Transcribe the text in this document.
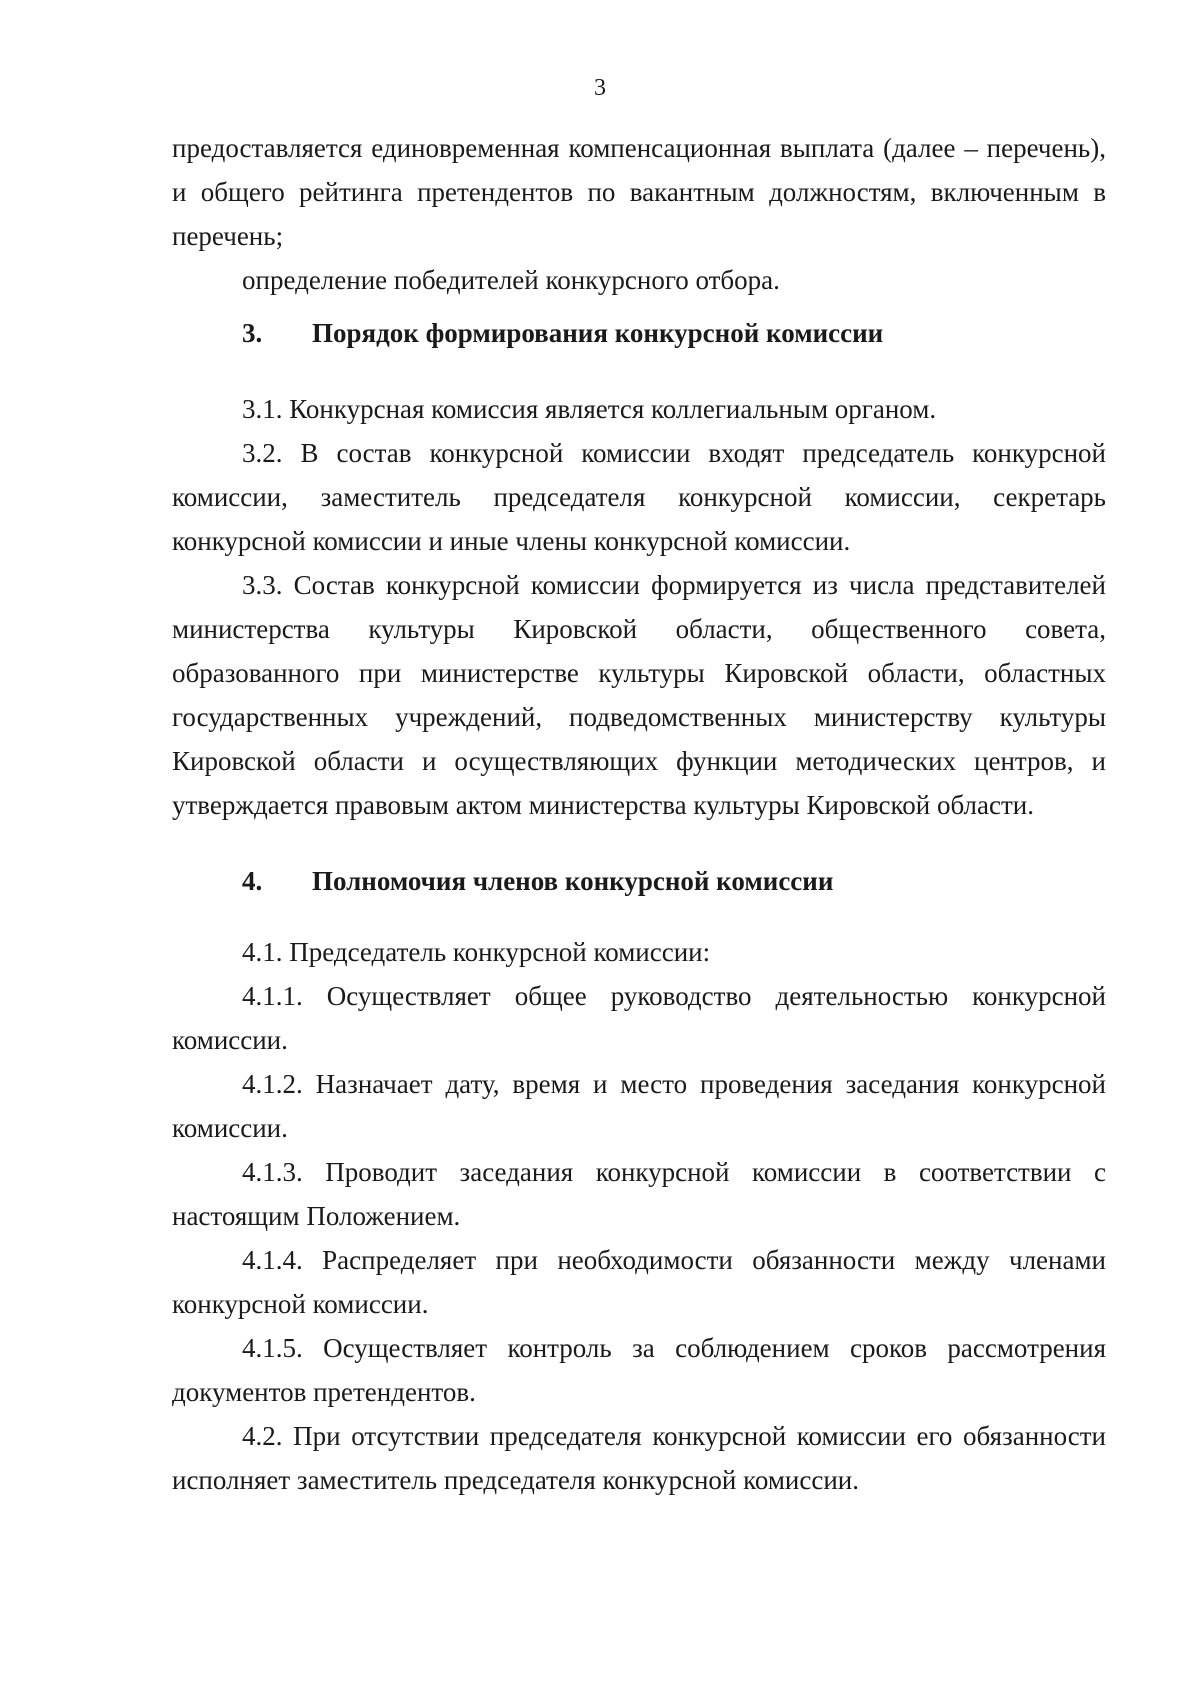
3

предоставляется единовременная компенсационная выплата (далее – перечень), и общего рейтинга претендентов по вакантным должностям, включенным в перечень;

определение победителей конкурсного отбора.

3. Порядок формирования конкурсной комиссии

3.1. Конкурсная комиссия является коллегиальным органом.

3.2. В состав конкурсной комиссии входят председатель конкурсной комиссии, заместитель председателя конкурсной комиссии, секретарь конкурсной комиссии и иные члены конкурсной комиссии.

3.3. Состав конкурсной комиссии формируется из числа представителей министерства культуры Кировской области, общественного совета, образованного при министерстве культуры Кировской области, областных государственных учреждений, подведомственных министерству культуры Кировской области и осуществляющих функции методических центров, и утверждается правовым актом министерства культуры Кировской области.

4. Полномочия членов конкурсной комиссии

4.1. Председатель конкурсной комиссии:

4.1.1. Осуществляет общее руководство деятельностью конкурсной комиссии.

4.1.2. Назначает дату, время и место проведения заседания конкурсной комиссии.

4.1.3. Проводит заседания конкурсной комиссии в соответствии с настоящим Положением.

4.1.4. Распределяет при необходимости обязанности между членами конкурсной комиссии.

4.1.5. Осуществляет контроль за соблюдением сроков рассмотрения документов претендентов.

4.2. При отсутствии председателя конкурсной комиссии его обязанности исполняет заместитель председателя конкурсной комиссии.
